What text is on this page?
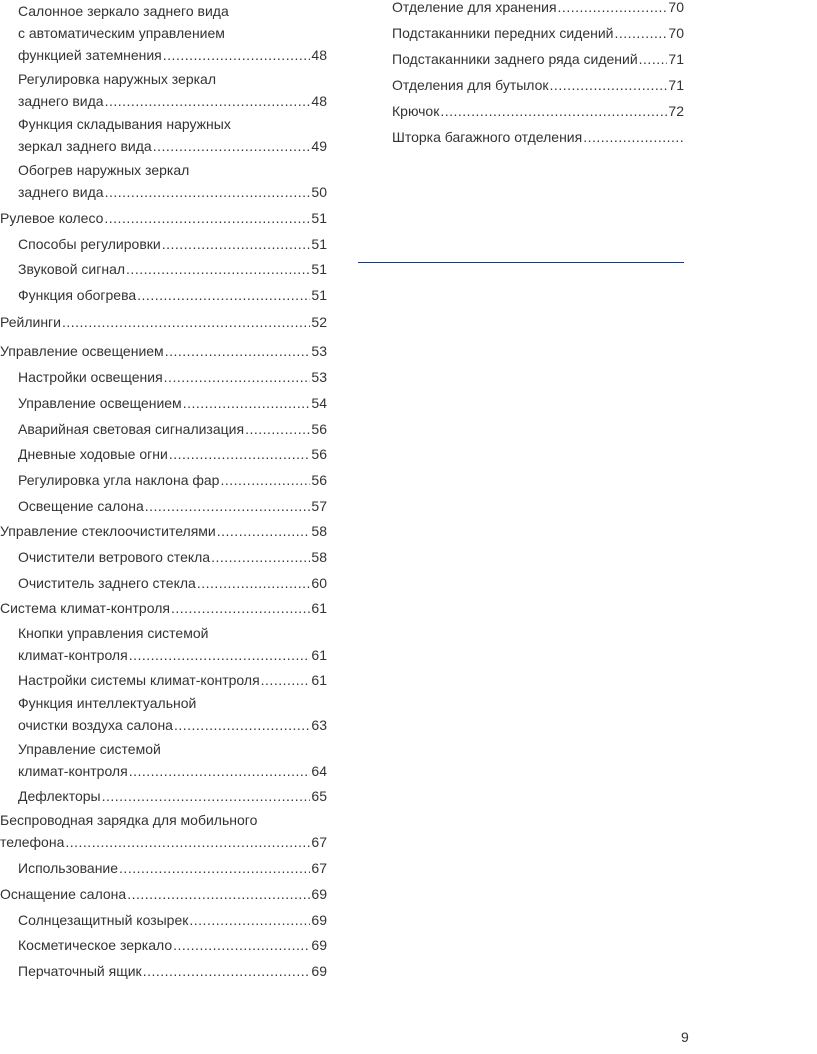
Салонное зеркало заднего вида
с автоматическим управлением
функцией затемнения .....	48
Регулировка наружных зеркал
заднего вида .....	48
Функция складывания наружных
зеркал заднего вида .....	49
Обогрев наружных зеркал
заднего вида .....	50
Рулевое колесо .....	51
Способы регулировки .....	51
Звуковой сигнал .....	51
Функция обогрева .....	51
Рейлинги .....	52
Управление освещением .....	53
Настройки освещения .....	53
Управление освещением .....	54
Аварийная световая сигнализация .....	56
Дневные ходовые огни .....	56
Регулировка угла наклона фар .....	56
Освещение салона .....	57
Управление стеклоочистителями .....	58
Очистители ветрового стекла .....	58
Очиститель заднего стекла .....	60
Система климат-контроля .....	61
Кнопки управления системой
климат-контроля .....	61
Настройки системы климат-контроля .....	61
Функция интеллектуальной
очистки воздуха салона .....	63
Управление системой
климат-контроля .....	64
Дефлекторы .....	65
Беспроводная зарядка для мобильного
телефона .....	67
Использование .....	67
Оснащение салона .....	69
Солнцезащитный козырек .....	69
Косметическое зеркало .....	69
Перчаточный ящик .....	69
Отделение для хранения .....	70
Подстаканники передних сидений .....	70
Подстаканники заднего ряда сидений ..... 71
Отделения для бутылок .....	71
Крючок .....	72
Шторка багажного отделения
.....
9
